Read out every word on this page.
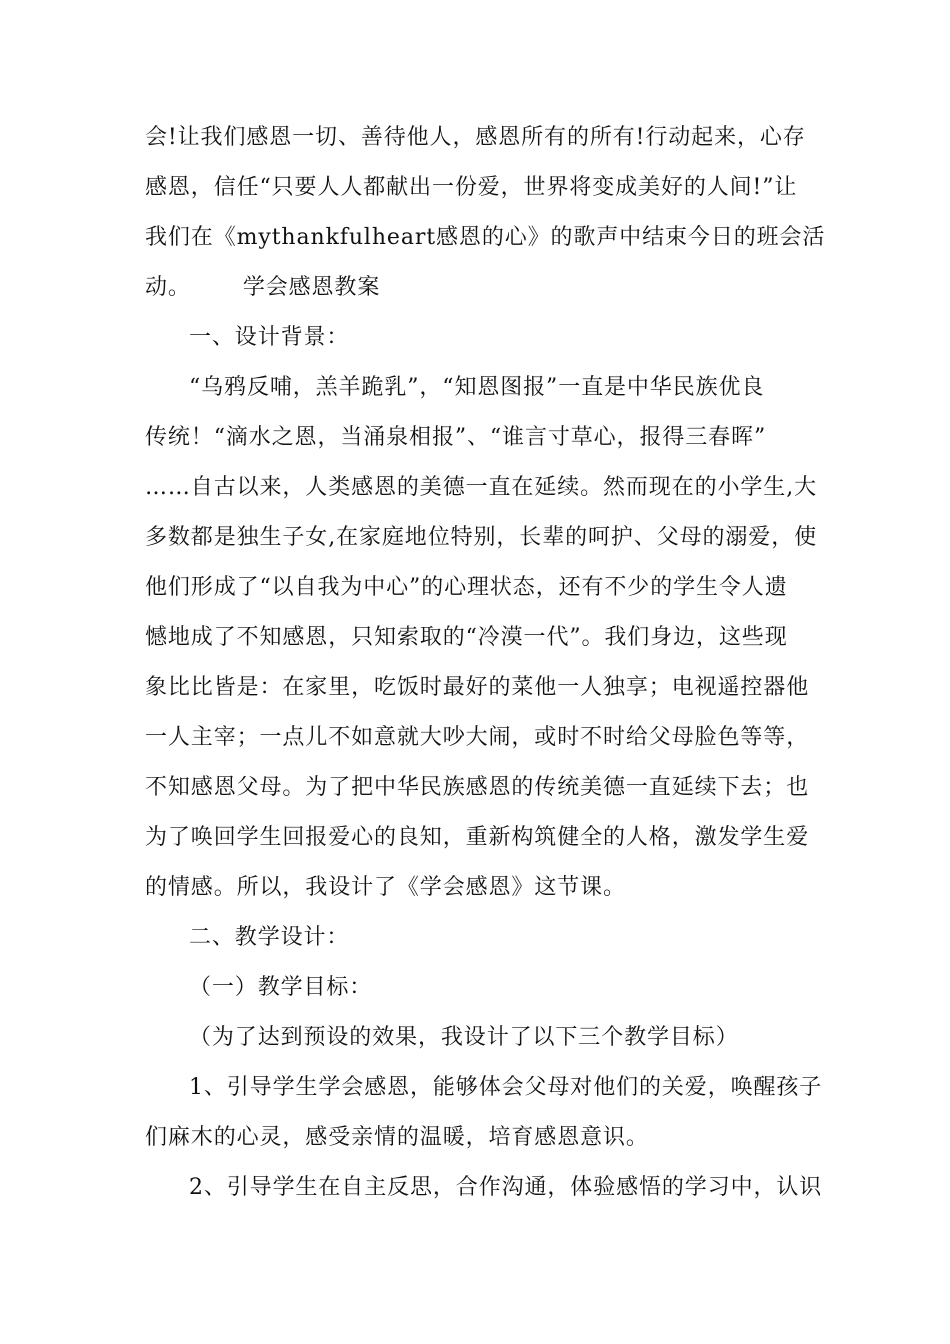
会!让我们感恩一切、善待他人，感恩所有的所有!行动起来，心存

感恩，信任“只要人人都献出一份爱，世界将变成美好的人间!”让

我们在《mythankfulheart感恩的心》的歌声中结束今日的班会活

动。 学会感恩教案

一、设计背景：

“乌鸦反哺，羔羊跪乳”，“知恩图报”一直是中华民族优良

传统！“滴水之恩，当涌泉相报”、“谁言寸草心，报得三春晖”

……自古以来，人类感恩的美德一直在延续。然而现在的小学生,大

多数都是独生子女,在家庭地位特别，长辈的呵护、父母的溺爱，使

他们形成了“以自我为中心”的心理状态，还有不少的学生令人遗

憾地成了不知感恩，只知索取的“冷漠一代”。我们身边，这些现

象比比皆是：在家里，吃饭时最好的菜他一人独享；电视遥控器他

一人主宰；一点儿不如意就大吵大闹，或时不时给父母脸色等等，

不知感恩父母。为了把中华民族感恩的传统美德一直延续下去；也

为了唤回学生回报爱心的良知，重新构筑健全的人格，激发学生爱

的情感。所以，我设计了《学会感恩》这节课。

二、教学设计：

（一）教学目标：

（为了达到预设的效果，我设计了以下三个教学目标）

1、引导学生学会感恩，能够体会父母对他们的关爱，唤醒孩子

们麻木的心灵，感受亲情的温暖，培育感恩意识。

2、引导学生在自主反思，合作沟通，体验感悟的学习中，认识
